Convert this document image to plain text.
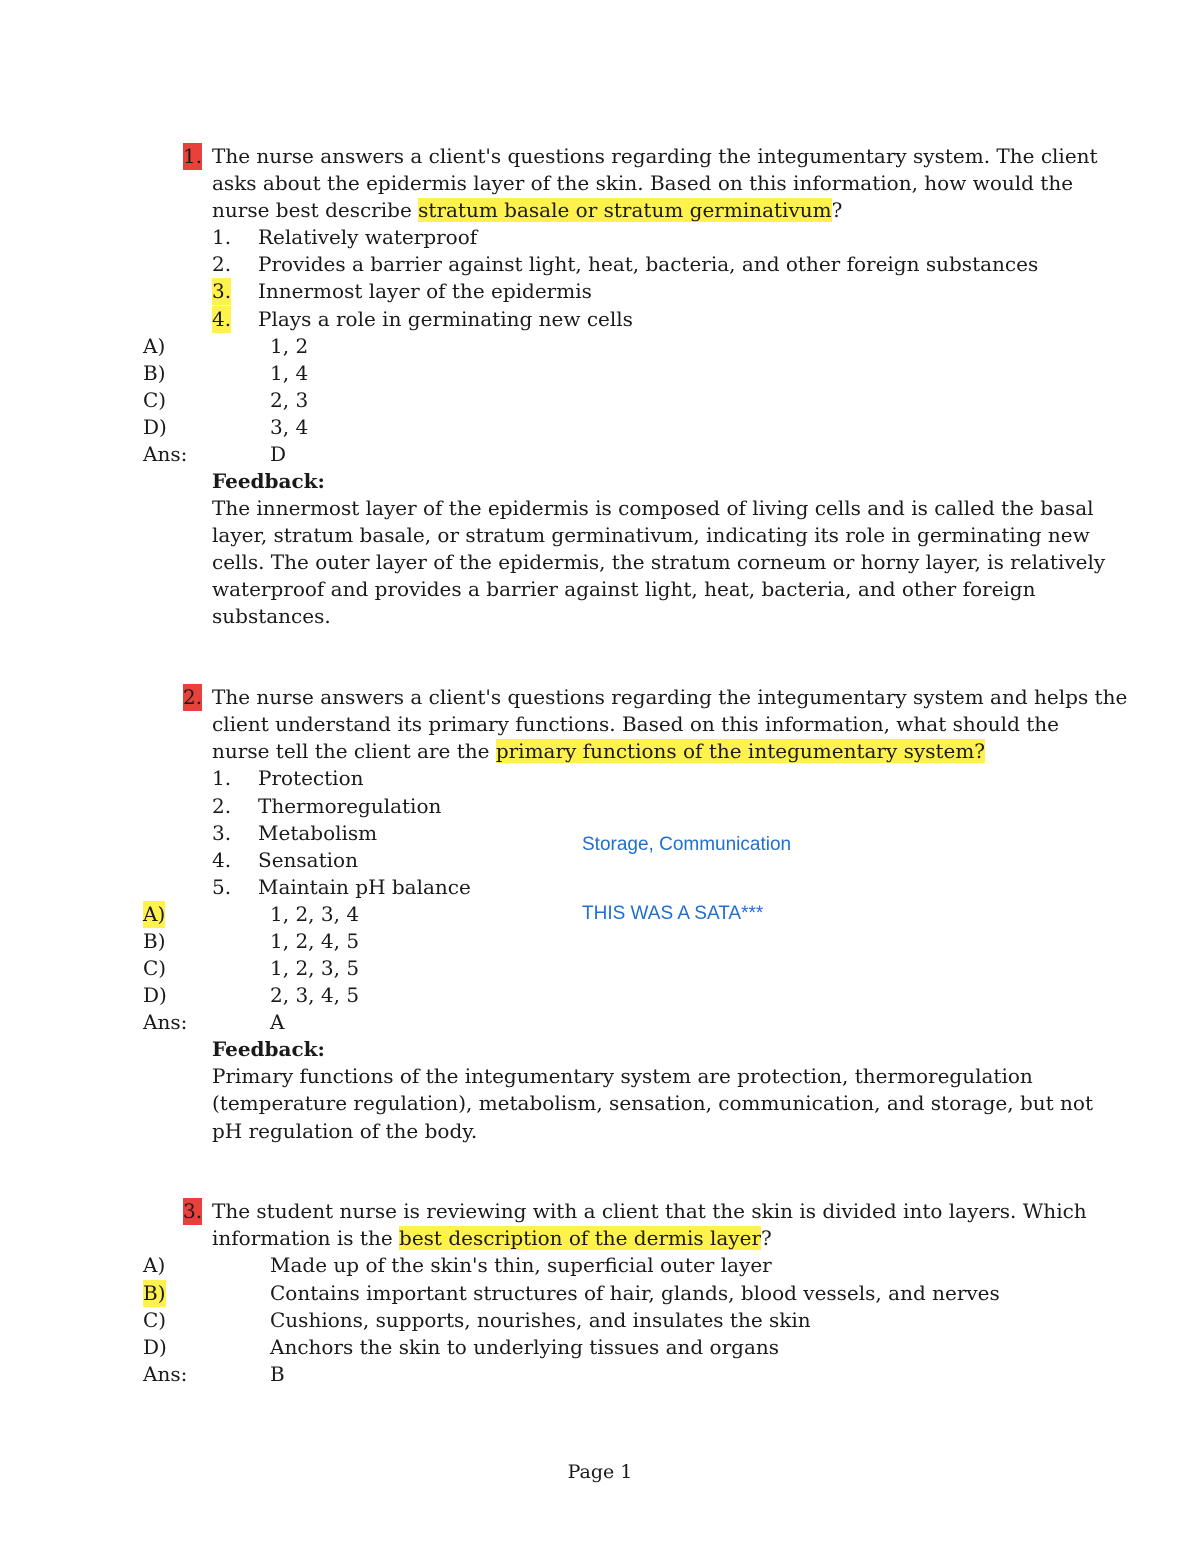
1. The nurse answers a client's questions regarding the integumentary system. The client
asks about the epidermis layer of the skin. Based on this information, how would the
nurse best describe stratum basale or stratum germinativum?
1. Relatively waterproof
2. Provides a barrier against light, heat, bacteria, and other foreign substances
3. Innermost layer of the epidermis
4. Plays a role in germinating new cells
A)	1, 2
B)	1, 4
C)	2, 3
D)	3, 4
Ans:	D
Feedback:
The innermost layer of the epidermis is composed of living cells and is called the basal
layer, stratum basale, or stratum germinativum, indicating its role in germinating new
cells. The outer layer of the epidermis, the stratum corneum or horny layer, is relatively
waterproof and provides a barrier against light, heat, bacteria, and other foreign
substances.
2. The nurse answers a client's questions regarding the integumentary system and helps the
client understand its primary functions. Based on this information, what should the
nurse tell the client are the primary functions of the integumentary system?
1. Protection
2. Thermoregulation
3. Metabolism
4. Sensation
5. Maintain pH balance
Storage, Communication
THIS WAS A SATA***
A)	1, 2, 3, 4
B)	1, 2, 4, 5
C)	1, 2, 3, 5
D)	2, 3, 4, 5
Ans:	A
Feedback:
Primary functions of the integumentary system are protection, thermoregulation
(temperature regulation), metabolism, sensation, communication, and storage, but not
pH regulation of the body.
3. The student nurse is reviewing with a client that the skin is divided into layers. Which
information is the best description of the dermis layer?
A)	Made up of the skin's thin, superficial outer layer
B)	Contains important structures of hair, glands, blood vessels, and nerves
C)	Cushions, supports, nourishes, and insulates the skin
D)	Anchors the skin to underlying tissues and organs
Ans:	B
Page 1
